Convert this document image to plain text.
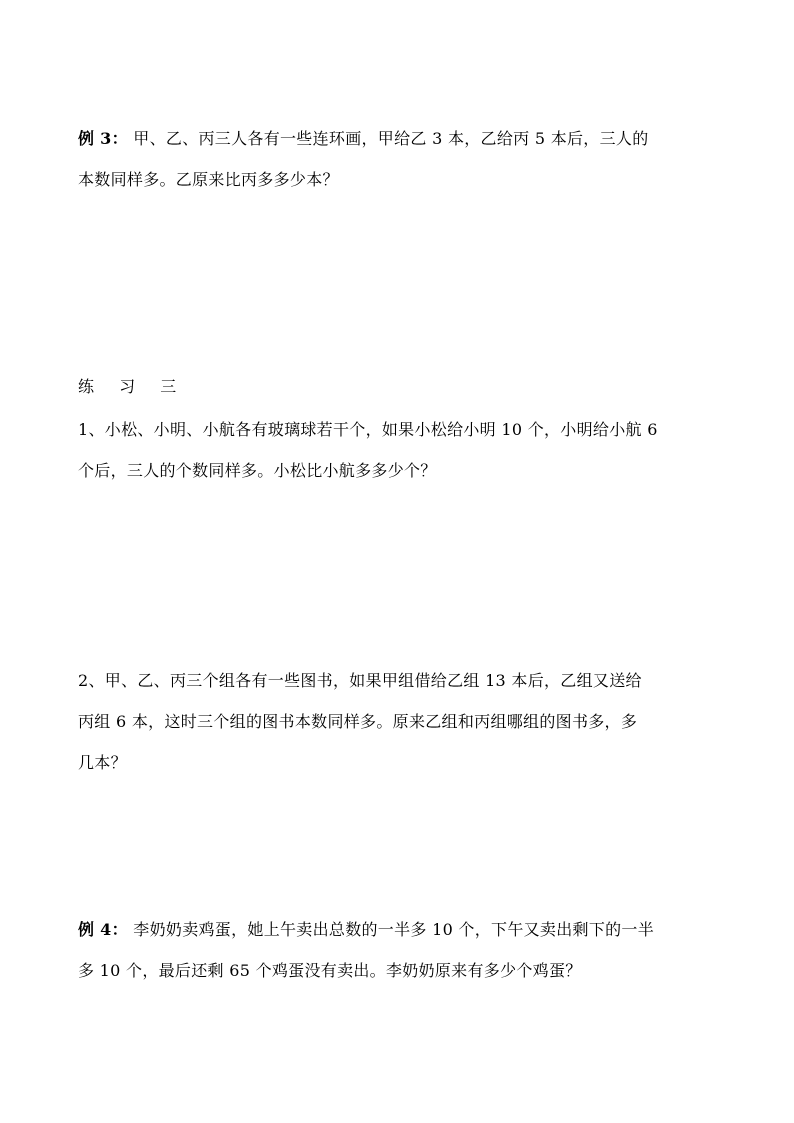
例 3： 甲、乙、丙三人各有一些连环画，甲给乙 3 本，乙给丙 5 本后，三人的
本数同样多。乙原来比丙多多少本？
练 习 三
1、小松、小明、小航各有玻璃球若干个，如果小松给小明 10 个，小明给小航 6
个后，三人的个数同样多。小松比小航多多少个？
2、甲、乙、丙三个组各有一些图书，如果甲组借给乙组 13 本后，乙组又送给
丙组 6 本，这时三个组的图书本数同样多。原来乙组和丙组哪组的图书多，多
几本？
例 4： 李奶奶卖鸡蛋，她上午卖出总数的一半多 10 个，下午又卖出剩下的一半
多 10 个，最后还剩 65 个鸡蛋没有卖出。李奶奶原来有多少个鸡蛋？
